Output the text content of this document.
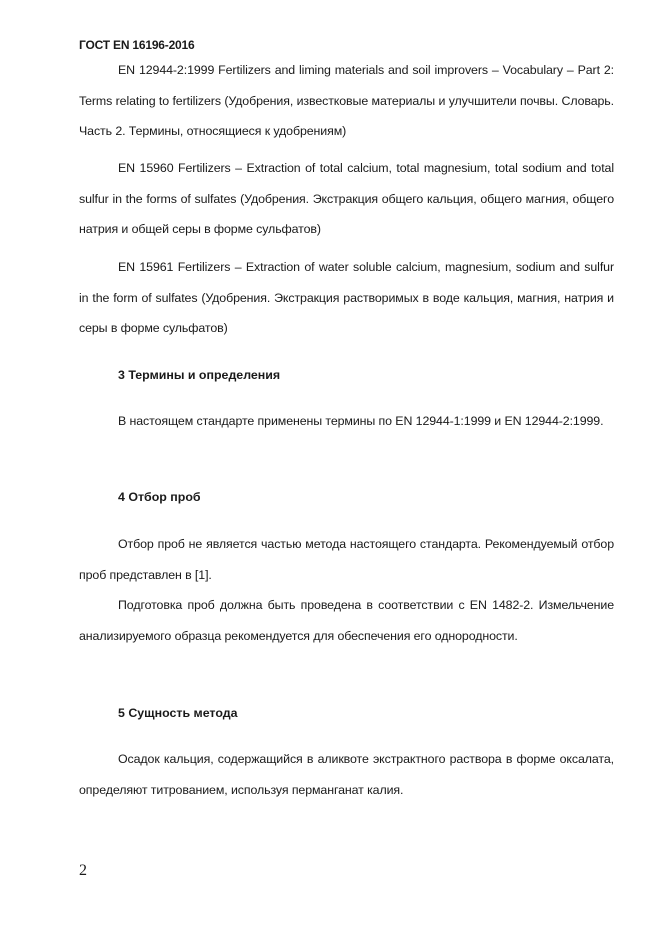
ГОСТ EN 16196-2016

EN 12944-2:1999 Fertilizers and liming materials and soil improvers – Vocabulary – Part 2: Terms relating to fertilizers (Удобрения, известковые материалы и улучшители почвы. Словарь. Часть 2. Термины, относящиеся к удобрениям)

EN 15960 Fertilizers – Extraction of total calcium, total magnesium, total sodium and total sulfur in the forms of sulfates (Удобрения. Экстракция общего кальция, общего магния, общего натрия и общей серы в форме сульфатов)

EN 15961 Fertilizers – Extraction of water soluble calcium, magnesium, sodium and sulfur in the form of sulfates (Удобрения. Экстракция растворимых в воде кальция, магния, натрия и серы в форме сульфатов)

3 Термины и определения

В настоящем стандарте применены термины по EN 12944-1:1999 и EN 12944-2:1999.

4 Отбор проб

Отбор проб не является частью метода настоящего стандарта. Рекомендуемый отбор проб представлен в [1].

Подготовка проб должна быть проведена в соответствии с EN 1482-2. Измельчение анализируемого образца рекомендуется для обеспечения его однородности.

5 Сущность метода

Осадок кальция, содержащийся в аликвоте экстрактного раствора в форме оксалата, определяют титрованием, используя перманганат калия.

2
